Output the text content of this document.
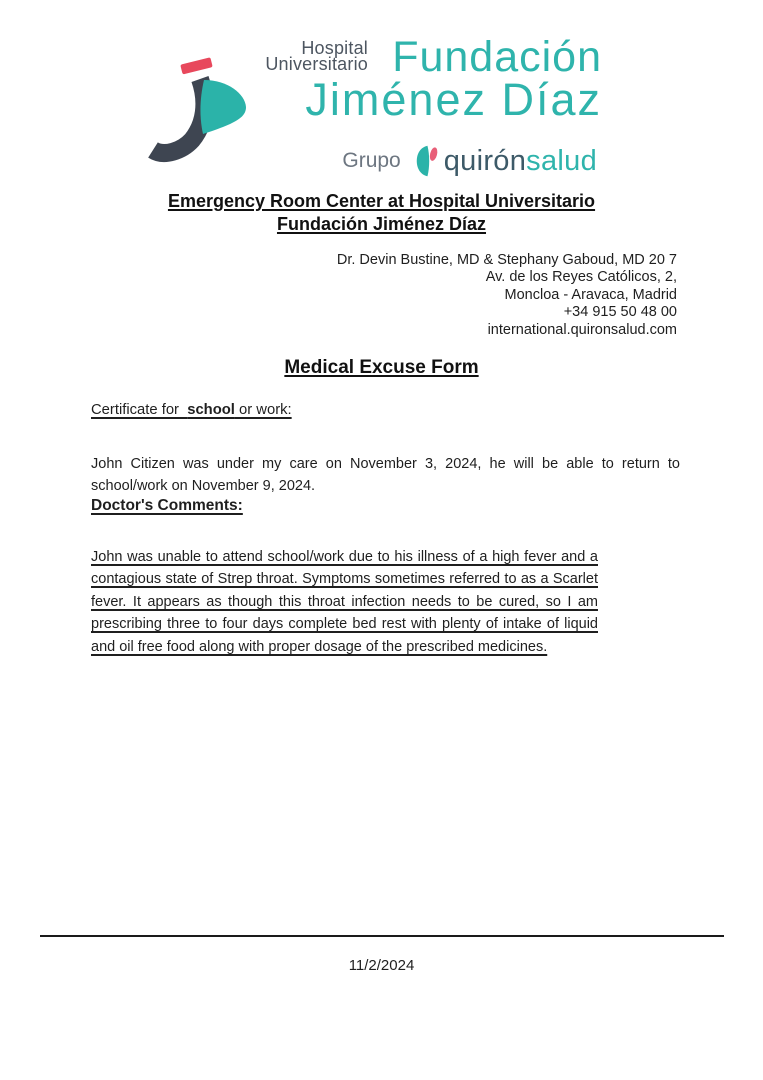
Hospital
Universitario Fundación
Jiménez Díaz
Grupo quirónsalud
Emergency Room Center at Hospital Universitario
Fundación Jiménez Díaz
Dr. Devin Bustine, MD & Stephany Gaboud, MD 20 7
Av. de los Reyes Católicos, 2,
Moncloa - Aravaca, Madrid
+34 915 50 48 00
international.quironsalud.com
Medical Excuse Form
Certificate for  school or work:
John Citizen was under my care on November 3, 2024, he will be able to return to school/work on November 9, 2024.
Doctor's Comments:
John was unable to attend school/work due to his illness of a high fever and a contagious state of Strep throat. Symptoms sometimes referred to as a Scarlet fever. It appears as though this throat infection needs to be cured, so I am prescribing three to four days complete bed rest with plenty of intake of liquid and oil free food along with proper dosage of the prescribed medicines.
11/2/2024
